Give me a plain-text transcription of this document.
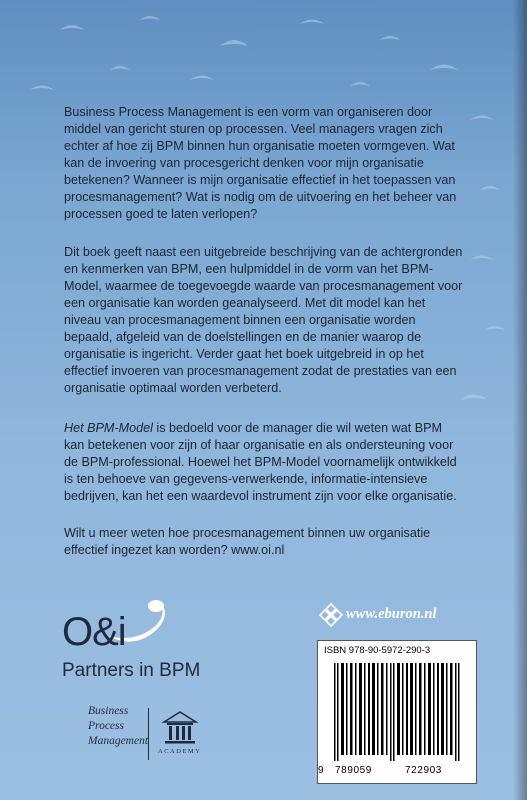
Business Process Management is een vorm van organiseren door middel van gericht sturen op processen. Veel managers vragen zich echter af hoe zij BPM binnen hun organisatie moeten vormgeven. Wat kan de invoering van procesgericht denken voor mijn organisatie betekenen? Wanneer is mijn organisatie effectief in het toepassen van procesmanagement? Wat is nodig om de uitvoering en het beheer van processen goed te laten verlopen?

Dit boek geeft naast een uitgebreide beschrijving van de achtergronden en kenmerken van BPM, een hulpmiddel in de vorm van het BPM-Model, waarmee de toegevoegde waarde van procesmanagement voor een organisatie kan worden geanalyseerd. Met dit model kan het niveau van procesmanagement binnen een organisatie worden bepaald, afgeleid van de doelstellingen en de manier waarop de organisatie is ingericht. Verder gaat het boek uitgebreid in op het effectief invoeren van procesmanagement zodat de prestaties van een organisatie optimaal worden verbeterd.

Het BPM-Model is bedoeld voor de manager die wil weten wat BPM kan betekenen voor zijn of haar organisatie en als ondersteuning voor de BPM-professional. Hoewel het BPM-Model voornamelijk ontwikkeld is ten behoeve van gegevens-verwerkende, informatie-intensieve bedrijven, kan het een waardevol instrument zijn voor elke organisatie.

Wilt u meer weten hoe procesmanagement binnen uw organisatie effectief ingezet kan worden? www.oi.nl

O&i
Partners in BPM
Business
Process
Management
ACADEMY
www.eburon.nl
ISBN 978-90-5972-290-3
9 789059	722903
